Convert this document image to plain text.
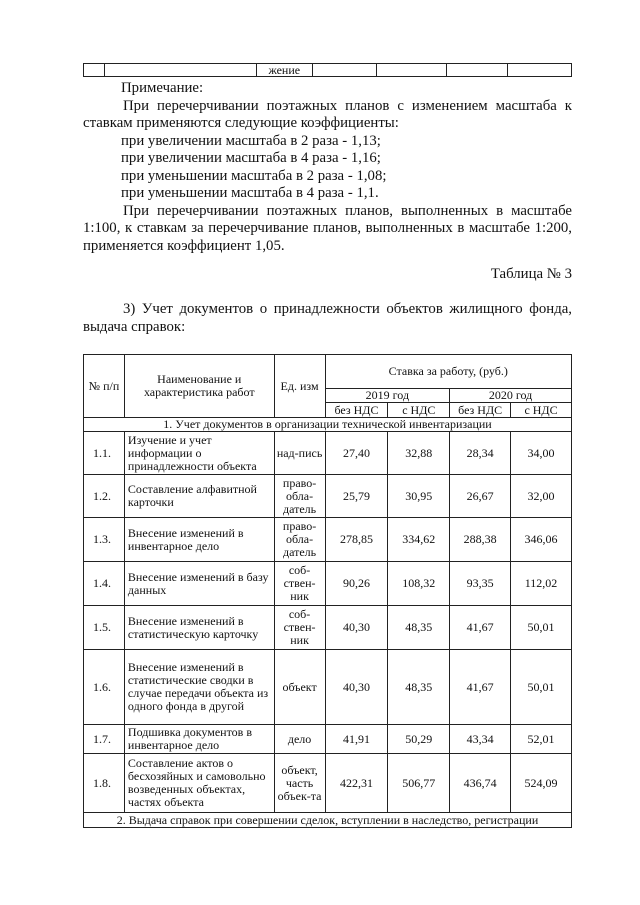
		жение				

Примечание:

При перечерчивании поэтажных планов с изменением масштаба к ставкам применяются следующие коэффициенты:

при увеличении масштаба в 2 раза - 1,13;

при увеличении масштаба в 4 раза - 1,16;

при уменьшении масштаба в 2 раза - 1,08;

при уменьшении масштаба в 4 раза - 1,1.

При перечерчивании поэтажных планов, выполненных в масштабе 1:100, к ставкам за перечерчивание планов, выполненных в масштабе 1:200, применяется коэффициент 1,05.

Таблица № 3
3) Учет документов о принадлежности объектов жилищного фонда, выдача справок:
№ п/п	Наименование и характеристика работ	Ед. изм	Ставка за работу, (руб.)			
			2019 год		2020 год	
			без НДС	с НДС	без НДС	с НДС
1. Учет документов в организации технической инвентаризации						
1.1.	Изучение и учет информации о принадлежности объекта	над-пись	27,40	32,88	28,34	34,00
1.2.	Составление алфавитной карточки	право-обла-датель	25,79	30,95	26,67	32,00
1.3.	Внесение изменений в инвентарное дело	право-обла-датель	278,85	334,62	288,38	346,06
1.4.	Внесение изменений в базу данных	соб-ствен-ник	90,26	108,32	93,35	112,02
1.5.	Внесение изменений в статистическую карточку	соб-ствен-ник	40,30	48,35	41,67	50,01
1.6.	Внесение изменений в статистические сводки в случае передачи объекта из одного фонда в другой	объект	40,30	48,35	41,67	50,01
1.7.	Подшивка документов в инвентарное дело	дело	41,91	50,29	43,34	52,01
1.8.	Составление актов о бесхозяйных и самовольно возведенных объектах, частях объекта	объект, часть объек-та	422,31	506,77	436,74	524,09
2. Выдача справок при совершении сделок, вступлении в наследство, регистрации						
